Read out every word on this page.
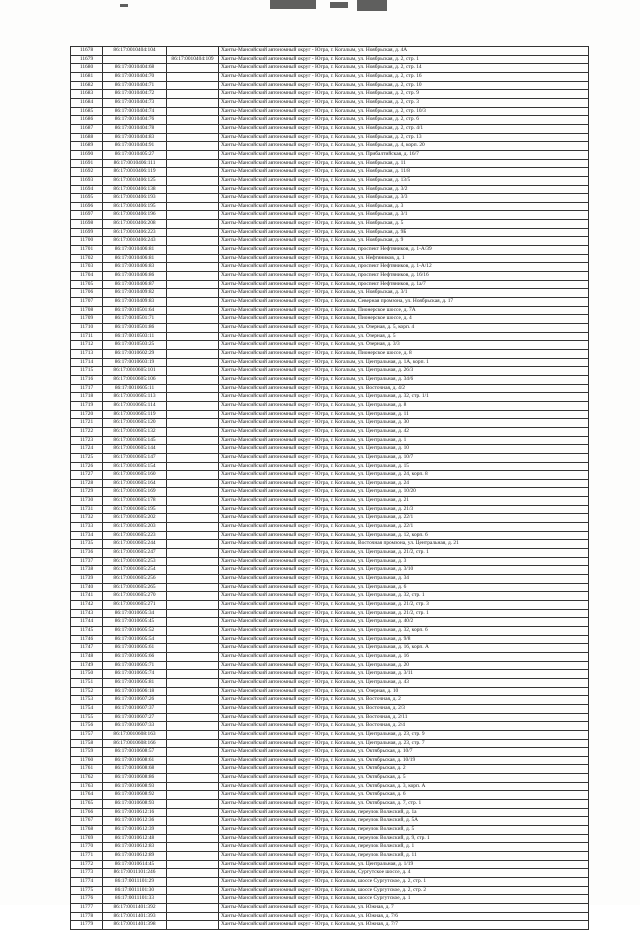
11678	86:17:0010404:104		Ханты-Мансийский автономный округ - Югра, г. Когалым, ул. Ноябрьская, д. 4А
11679		86:17:0010404:109	Ханты-Мансийский автономный округ - Югра, г. Когалым, ул. Ноябрьская, д. 2, стр. 1
11680	86:17:0010404:68		Ханты-Мансийский автономный округ - Югра, г. Когалым, ул. Ноябрьская, д. 2, стр. 14
11681	86:17:0010404:70		Ханты-Мансийский автономный округ - Югра, г. Когалым, ул. Ноябрьская, д. 2, стр. 16
11682	86:17:0010404:71		Ханты-Мансийский автономный округ - Югра, г. Когалым, ул. Ноябрьская, д. 2, стр. 10
11683	86:17:0010404:72		Ханты-Мансийский автономный округ - Югра, г. Когалым, ул. Ноябрьская, д. 2, стр. 9
11684	86:17:0010404:73		Ханты-Мансийский автономный округ - Югра, г. Когалым, ул. Ноябрьская, д. 2, стр. 3
11685	86:17:0010404:74		Ханты-Мансийский автономный округ - Югра, г. Когалым, ул. Ноябрьская, д. 2, стр. 10/3
11686	86:17:0010404:76		Ханты-Мансийский автономный округ - Югра, г. Когалым, ул. Ноябрьская, д. 2, стр. 6
11687	86:17:0010404:78		Ханты-Мансийский автономный округ - Югра, г. Когалым, ул. Ноябрьская, д. 2, стр. 4/1
11688	86:17:0010404:83		Ханты-Мансийский автономный округ - Югра, г. Когалым, ул. Ноябрьская, д. 2, стр. 13
11689	86:17:0010404:91		Ханты-Мансийский автономный округ - Югра, г. Когалым, ул. Ноябрьская, д. 4, корп. 20
11690	86:17:0010405:27		Ханты-Мансийский автономный округ - Югра, г. Когалым, ул. Прибалтийская, д. 16/7
11691	86:17:0010406:111		Ханты-Мансийский автономный округ - Югра, г. Когалым, ул. Ноябрьская, д. 11
11692	86:17:0010406:119		Ханты-Мансийский автономный округ - Югра, г. Когалым, ул. Ноябрьская, д. 11/8
11693	86:17:0010406:125		Ханты-Мансийский автономный округ - Югра, г. Когалым, ул. Ноябрьская, д. 13/5
11694	86:17:0010406:138		Ханты-Мансийский автономный округ - Югра, г. Когалым, ул. Ноябрьская, д. 3/2
11695	86:17:0010406:193		Ханты-Мансийский автономный округ - Югра, г. Когалым, ул. Ноябрьская, д. 3/3
11696	86:17:0010406:195		Ханты-Мансийский автономный округ - Югра, г. Когалым, ул. Ноябрьская, д. 3
11697	86:17:0010406:196		Ханты-Мансийский автономный округ - Югра, г. Когалым, ул. Ноябрьская, д. 3/1
11698	86:17:0010406:208		Ханты-Мансийский автономный округ - Югра, г. Когалым, ул. Ноябрьская, д. 5
11699	86:17:0010406:223		Ханты-Мансийский автономный округ - Югра, г. Когалым, ул. Ноябрьская, д. 9Б
11700	86:17:0010406:243		Ханты-Мансийский автономный округ - Югра, г. Когалым, ул. Ноябрьская, д. 9
11701	86:17:0010406:81		Ханты-Мансийский автономный округ - Югра, г. Когалым, проспект Нефтяников, д. 1-А/39
11702	86:17:0010406:81		Ханты-Мансийский автономный округ - Югра, г. Когалым, ул. Нефтяников, д. 1
11703	86:17:0010406:83		Ханты-Мансийский автономный округ - Югра, г. Когалым, проспект Нефтяников, д. 1-А/12
11704	86:17:0010406:86		Ханты-Мансийский автономный округ - Югра, г. Когалым, проспект Нефтяников, д. 16/16
11705	86:17:0010406:87		Ханты-Мансийский автономный округ - Югра, г. Когалым, проспект Нефтяников, д. 1а/7
11706	86:17:0010409:82		Ханты-Мансийский автономный округ - Югра, г. Когалым, ул. Ноябрьская, д. 3/1
11707	86:17:0010409:83		Ханты-Мансийский автономный округ - Югра, г. Когалым, Северная промзона, ул. Ноябрьская, д. 17
11708	86:17:0010501:64		Ханты-Мансийский автономный округ - Югра, г. Когалым, Пионерское шоссе, д. 7А
11709	86:17:0010501:71		Ханты-Мансийский автономный округ - Югра, г. Когалым, Пионерское шоссе, д. 4
11710	86:17:0010501:86		Ханты-Мансийский автономный округ - Югра, г. Когалым, ул. Озерная, д. 5, корп. 4
11711	86:17:0010503:11		Ханты-Мансийский автономный округ - Югра, г. Когалым, ул. Озерная, д. 5
11712	86:17:0010503:25		Ханты-Мансийский автономный округ - Югра, г. Когалым, ул. Озерная, д. 3/3
11713	86:17:0010602:29		Ханты-Мансийский автономный округ - Югра, г. Когалым, Пионерское шоссе, д. 8
11714	86:17:0010603:19		Ханты-Мансийский автономный округ - Югра, г. Когалым, ул. Центральная, д. 1А, корп. 1
11715	86:17:0010605:101		Ханты-Мансийский автономный округ - Югра, г. Когалым, ул. Центральная, д. 26/3
11716	86:17:0010605:106		Ханты-Мансийский автономный округ - Югра, г. Когалым, ул. Центральная, д. 34/6
11717	86:17:0010605:11		Ханты-Мансийский автономный округ - Югра, г. Когалым, ул. Восточная, д. 4/2
11718	86:17:0010605:113		Ханты-Мансийский автономный округ - Югра, г. Когалым, ул. Центральная, д. 32, стр. 1/1
11719	86:17:0010605:114		Ханты-Мансийский автономный округ - Югра, г. Когалым, ул. Центральная, д. 8
11720	86:17:0010605:119		Ханты-Мансийский автономный округ - Югра, г. Когалым, ул. Центральная, д. 11
11721	86:17:0010605:120		Ханты-Мансийский автономный округ - Югра, г. Когалым, ул. Центральная, д. 30
11722	86:17:0010605:132		Ханты-Мансийский автономный округ - Югра, г. Когалым, ул. Центральная, д. 42
11723	86:17:0010605:145		Ханты-Мансийский автономный округ - Югра, г. Когалым, ул. Центральная, д. 1
11724	86:17:0010605:144		Ханты-Мансийский автономный округ - Югра, г. Когалым, ул. Центральная, д. 10
11725	86:17:0010605:147		Ханты-Мансийский автономный округ - Югра, г. Когалым, ул. Центральная, д. 10/7
11726	86:17:0010605:154		Ханты-Мансийский автономный округ - Югра, г. Когалым, ул. Центральная, д. 15
11727	86:17:0010605:160		Ханты-Мансийский автономный округ - Югра, г. Когалым, ул. Центральная, д. 24, корп. 8
11728	86:17:0010605:164		Ханты-Мансийский автономный округ - Югра, г. Когалым, ул. Центральная, д. 24
11729	86:17:0010605:169		Ханты-Мансийский автономный округ - Югра, г. Когалым, ул. Центральная, д. 10/20
11730	86:17:0010605:178		Ханты-Мансийский автономный округ - Югра, г. Когалым, ул. Центральная, д. 21
11731	86:17:0010605:195		Ханты-Мансийский автономный округ - Югра, г. Когалым, ул. Центральная, д. 21/3
11732	86:17:0010605:202		Ханты-Мансийский автономный округ - Югра, г. Когалым, ул. Центральная, д. 22/1
11733	86:17:0010605:203		Ханты-Мансийский автономный округ - Югра, г. Когалым, ул. Центральная, д. 22/1
11734	86:17:0010605:223		Ханты-Мансийский автономный округ - Югра, г. Когалым, ул. Центральная, д. 12, корп. 6
11735	86:17:0010605:244		Ханты-Мансийский автономный округ - Югра, г. Когалым, Восточная промзона, ул. Центральная, д. 21
11736	86:17:0010605:247		Ханты-Мансийский автономный округ - Югра, г. Когалым, ул. Центральная, д. 21/2, стр. 1
11737	86:17:0010605:253		Ханты-Мансийский автономный округ - Югра, г. Когалым, ул. Центральная, д. 3
11738	86:17:0010605:254		Ханты-Мансийский автономный округ - Югра, г. Когалым, ул. Центральная, д. 3/10
11739	86:17:0010605:256		Ханты-Мансийский автономный округ - Югра, г. Когалым, ул. Центральная, д. 34
11740	86:17:0010605:265		Ханты-Мансийский автономный округ - Югра, г. Когалым, ул. Центральная, д. 6
11741	86:17:0010605:270		Ханты-Мансийский автономный округ - Югра, г. Когалым, ул. Центральная, д. 32, стр. 1
11742	86:17:0010605:271		Ханты-Мансийский автономный округ - Югра, г. Когалым, ул. Центральная, д. 21/2, стр. 3
11743	86:17:0010605:34		Ханты-Мансийский автономный округ - Югра, г. Когалым, ул. Центральная, д. 21/2, стр. 1
11744	86:17:0010605:45		Ханты-Мансийский автономный округ - Югра, г. Когалым, ул. Центральная, д. 40/2
11745	86:17:0010605:52		Ханты-Мансийский автономный округ - Югра, г. Когалым, ул. Центральная, д. 32, корп. 6
11746	86:17:0010605:54		Ханты-Мансийский автономный округ - Югра, г. Когалым, ул. Центральная, д. 9/8
11747	86:17:0010605:61		Ханты-Мансийский автономный округ - Югра, г. Когалым, ул. Центральная, д. 16, корп. А
11748	86:17:0010605:66		Ханты-Мансийский автономный округ - Югра, г. Когалым, ул. Центральная, д. 16
11749	86:17:0010605:71		Ханты-Мансийский автономный округ - Югра, г. Когалым, ул. Центральная, д. 20
11750	86:17:0010605:74		Ханты-Мансийский автономный округ - Югра, г. Когалым, ул. Центральная, д. 3/11
11751	86:17:0010605:81		Ханты-Мансийский автономный округ - Югра, г. Когалым, ул. Центральная, д. 43
11752	86:17:0010606:18		Ханты-Мансийский автономный округ - Югра, г. Когалым, ул. Озерная, д. 10
11753	86:17:0010607:26		Ханты-Мансийский автономный округ - Югра, г. Когалым, ул. Восточная, д. 2
11754	86:17:0010607:37		Ханты-Мансийский автономный округ - Югра, г. Когалым, ул. Восточная, д. 2/3
11755	86:17:0010607:27		Ханты-Мансийский автономный округ - Югра, г. Когалым, ул. Восточная, д. 2/11
11756	86:17:0010607:33		Ханты-Мансийский автономный округ - Югра, г. Когалым, ул. Восточная, д. 2/4
11757	86:17:0010608:163		Ханты-Мансийский автономный округ - Югра, г. Когалым, ул. Центральная, д. 23, стр. 9
11758	86:17:0010608:166		Ханты-Мансийский автономный округ - Югра, г. Когалым, ул. Центральная, д. 23, стр. 7
11759	86:17:0010608:57		Ханты-Мансийский автономный округ - Югра, г. Когалым, ул. Октябрьская, д. 10/7
11760	86:17:0010608:61		Ханты-Мансийский автономный округ - Югра, г. Когалым, ул. Октябрьская, д. 10/19
11761	86:17:0010608:68		Ханты-Мансийский автономный округ - Югра, г. Когалым, ул. Октябрьская, д. 2
11762	86:17:0010608:86		Ханты-Мансийский автономный округ - Югра, г. Когалым, ул. Октябрьская, д. 5
11763	86:17:0010608:93		Ханты-Мансийский автономный округ - Югра, г. Когалым, ул. Октябрьская, д. 3, корп. А
11764	86:17:0010608:92		Ханты-Мансийский автономный округ - Югра, г. Когалым, ул. Октябрьская, д. 6
11765	86:17:0010608:93		Ханты-Мансийский автономный округ - Югра, г. Когалым, ул. Октябрьская, д. 7, стр. 1
11766	86:17:0010612:16		Ханты-Мансийский автономный округ - Югра, г. Когалым, переулок Волжский, д. 1а
11767	86:17:0010612:36		Ханты-Мансийский автономный округ - Югра, г. Когалым, переулок Волжский, д. 5А
11768	86:17:0010612:39		Ханты-Мансийский автономный округ - Югра, г. Когалым, переулок Волжский, д. 5
11769	86:17:0010612:48		Ханты-Мансийский автономный округ - Югра, г. Когалым, переулок Волжский, д. 9, стр. 1
11770	86:17:0010612:83		Ханты-Мансийский автономный округ - Югра, г. Когалым, переулок Волжский, д. 1
11771	86:17:0010612:89		Ханты-Мансийский автономный округ - Югра, г. Когалым, переулок Волжский, д. 11
11772	86:17:0010614:45		Ханты-Мансийский автономный округ - Югра, г. Когалым, ул. Центральная, д. 1/19
11773	86:17:0011101:246		Ханты-Мансийский автономный округ - Югра, г. Когалым, Сургутское шоссе, д. 4
11774	86:17:0011101:29		Ханты-Мансийский автономный округ - Югра, г. Когалым, шоссе Сургутское, д. 2, стр. 1
11775	86:17:0011101:30		Ханты-Мансийский автономный округ - Югра, г. Когалым, шоссе Сургутское, д. 2, стр. 2
11776	86:17:0011101:33		Ханты-Мансийский автономный округ - Югра, г. Когалым, шоссе Сургутское, д. 1
11777	86:17:0011401:392		Ханты-Мансийский автономный округ - Югра, г. Когалым, ул. Южная, д. 7
11778	86:17:0011401:393		Ханты-Мансийский автономный округ - Югра, г. Когалым, ул. Южная, д. 7/6
11779	86:17:0011401:398		Ханты-Мансийский автономный округ - Югра, г. Когалым, ул. Южная, д. 7/7
